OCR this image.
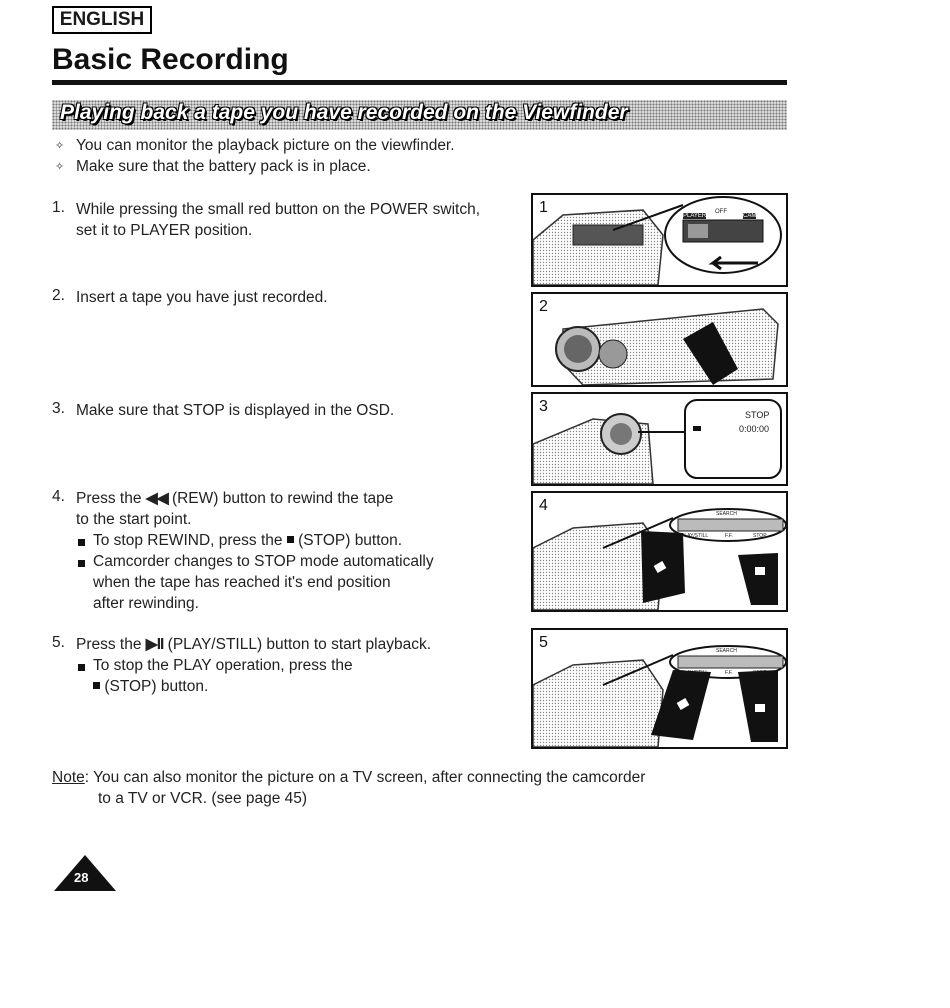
ENGLISH
Basic Recording
Playing back a tape you have recorded on the Viewfinder
✧ You can monitor the playback picture on the viewfinder.
✧ Make sure that the battery pack is in place.
1. While pressing the small red button on the POWER switch,
set it to PLAYER position.
2. Insert a tape you have just recorded.
3. Make sure that STOP is displayed in the OSD.
4. Press the ◀◀ (REW) button to rewind the tape
to the start point.
To stop REWIND, press the (STOP) button.
Camcorder changes to STOP mode automatically
when the tape has reached it's end position
after rewinding.
5. Press the ▶II (PLAY/STILL) button to start playback.
To stop the PLAY operation, press the
(STOP) button.
1	OFF
PLAYER	CAM
2
3	STOP
0:00:00
4	SEARCH
PLAY/STILL	F.F.	STOP
5	SEARCH
PLAY/STILL	F.F.	STOP
Note: You can also monitor the picture on a TV screen, after connecting the camcorder
to a TV or VCR. (see page 45)
28
